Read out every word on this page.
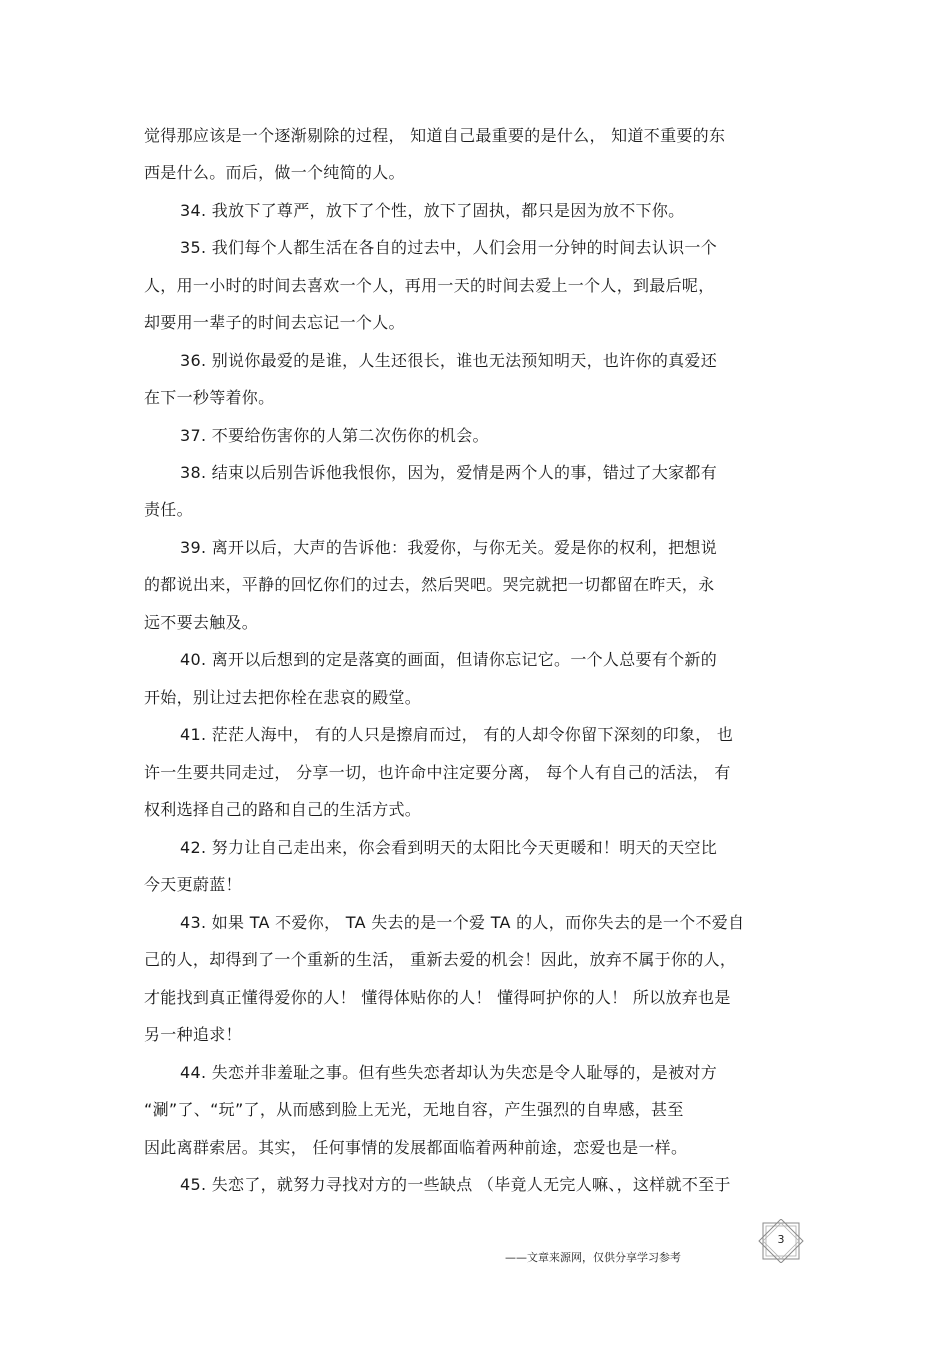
觉得那应该是一个逐渐剔除的过程， 知道自己最重要的是什么， 知道不重要的东
西是什么。而后，做一个纯简的人。
34. 我放下了尊严，放下了个性，放下了固执，都只是因为放不下你。
35. 我们每个人都生活在各自的过去中，人们会用一分钟的时间去认识一个
人，用一小时的时间去喜欢一个人，再用一天的时间去爱上一个人，到最后呢，
却要用一辈子的时间去忘记一个人。
36. 别说你最爱的是谁，人生还很长，谁也无法预知明天，也许你的真爱还
在下一秒等着你。
37. 不要给伤害你的人第二次伤你的机会。
38. 结束以后别告诉他我恨你，因为，爱情是两个人的事，错过了大家都有
责任。
39. 离开以后，大声的告诉他：我爱你，与你无关。爱是你的权利，把想说
的都说出来，平静的回忆你们的过去，然后哭吧。哭完就把一切都留在昨天，永
远不要去触及。
40. 离开以后想到的定是落寞的画面，但请你忘记它。一个人总要有个新的
开始，别让过去把你栓在悲哀的殿堂。
41. 茫茫人海中， 有的人只是擦肩而过， 有的人却令你留下深刻的印象， 也
许一生要共同走过， 分享一切，也许命中注定要分离， 每个人有自己的活法， 有
权利选择自己的路和自己的生活方式。
42. 努力让自己走出来，你会看到明天的太阳比今天更暖和！明天的天空比
今天更蔚蓝！
43. 如果 TA 不爱你， TA 失去的是一个爱 TA 的人，而你失去的是一个不爱自
己的人，却得到了一个重新的生活， 重新去爱的机会！因此，放弃不属于你的人，
才能找到真正懂得爱你的人！ 懂得体贴你的人！ 懂得呵护你的人！ 所以放弃也是
另一种追求！
44. 失恋并非羞耻之事。但有些失恋者却认为失恋是令人耻辱的，是被对方
“涮”了、“玩”了，从而感到脸上无光，无地自容，产生强烈的自卑感，甚至
因此离群索居。其实， 任何事情的发展都面临着两种前途，恋爱也是一样。
45. 失恋了，就努力寻找对方的一些缺点 （毕竟人无完人嘛、，这样就不至于
——文章来源网，仅供分享学习参考
3
